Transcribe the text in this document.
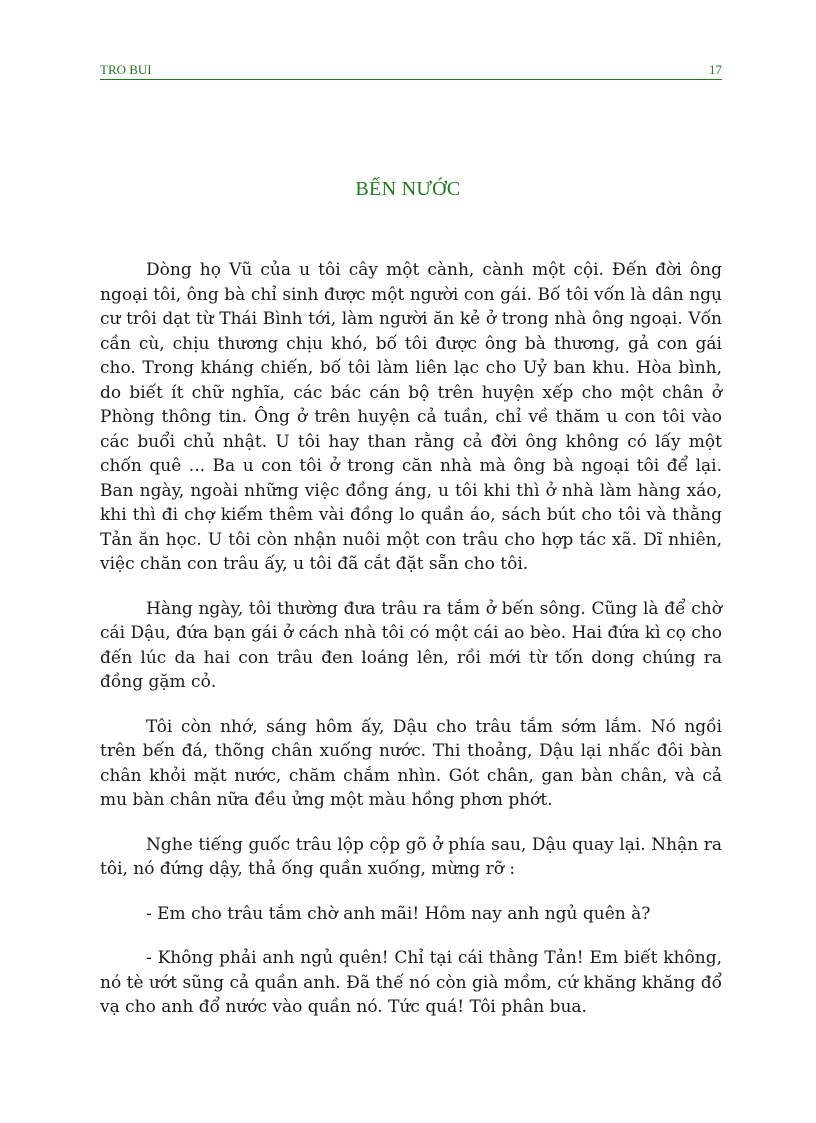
TRO BUI	17
BẾN NƯỚC

Dòng họ Vũ của u tôi cây một cành, cành một cội. Đến đời ông ngoại tôi, ông bà chỉ sinh được một người con gái. Bố tôi vốn là dân ngụ cư trôi dạt từ Thái Bình tới, làm người ăn kẻ ở trong nhà ông ngoại. Vốn cần cù, chịu thương chịu khó, bố tôi được ông bà thương, gả con gái cho. Trong kháng chiến, bố tôi làm liên lạc cho Uỷ ban khu. Hòa bình, do biết ít chữ nghĩa, các bác cán bộ trên huyện xếp cho một chân ở Phòng thông tin. Ông ở trên huyện cả tuần, chỉ về thăm u con tôi vào các buổi chủ nhật. U tôi hay than rằng cả đời ông không có lấy một chốn quê ... Ba u con tôi ở trong căn nhà mà ông bà ngoại tôi để lại. Ban ngày, ngoài những việc đồng áng, u tôi khi thì ở nhà làm hàng xáo, khi thì đi chợ kiếm thêm vài đồng lo quần áo, sách bút cho tôi và thằng Tản ăn học. U tôi còn nhận nuôi một con trâu cho hợp tác xã. Dĩ nhiên, việc chăn con trâu ấy, u tôi đã cắt đặt sẵn cho tôi.

Hàng ngày, tôi thường đưa trâu ra tắm ở bến sông. Cũng là để chờ cái Dậu, đứa bạn gái ở cách nhà tôi có một cái ao bèo. Hai đứa kì cọ cho đến lúc da hai con trâu đen loáng lên, rồi mới từ tốn dong chúng ra đồng gặm cỏ.

Tôi còn nhớ, sáng hôm ấy, Dậu cho trâu tắm sớm lắm. Nó ngồi trên bến đá, thõng chân xuống nước. Thi thoảng, Dậu lại nhấc đôi bàn chân khỏi mặt nước, chăm chắm nhìn. Gót chân, gan bàn chân, và cả mu bàn chân nữa đều ửng một màu hồng phơn phớt.

Nghe tiếng guốc trâu lộp cộp gõ ở phía sau, Dậu quay lại. Nhận ra tôi, nó đứng dậy, thả ống quần xuống, mừng rỡ :

- Em cho trâu tắm chờ anh mãi! Hôm nay anh ngủ quên à?

- Không phải anh ngủ quên! Chỉ tại cái thằng Tản! Em biết không, nó tè ướt sũng cả quần anh. Đã thế nó còn già mồm, cứ khăng khăng đổ vạ cho anh đổ nước vào quần nó. Tức quá! Tôi phân bua.
